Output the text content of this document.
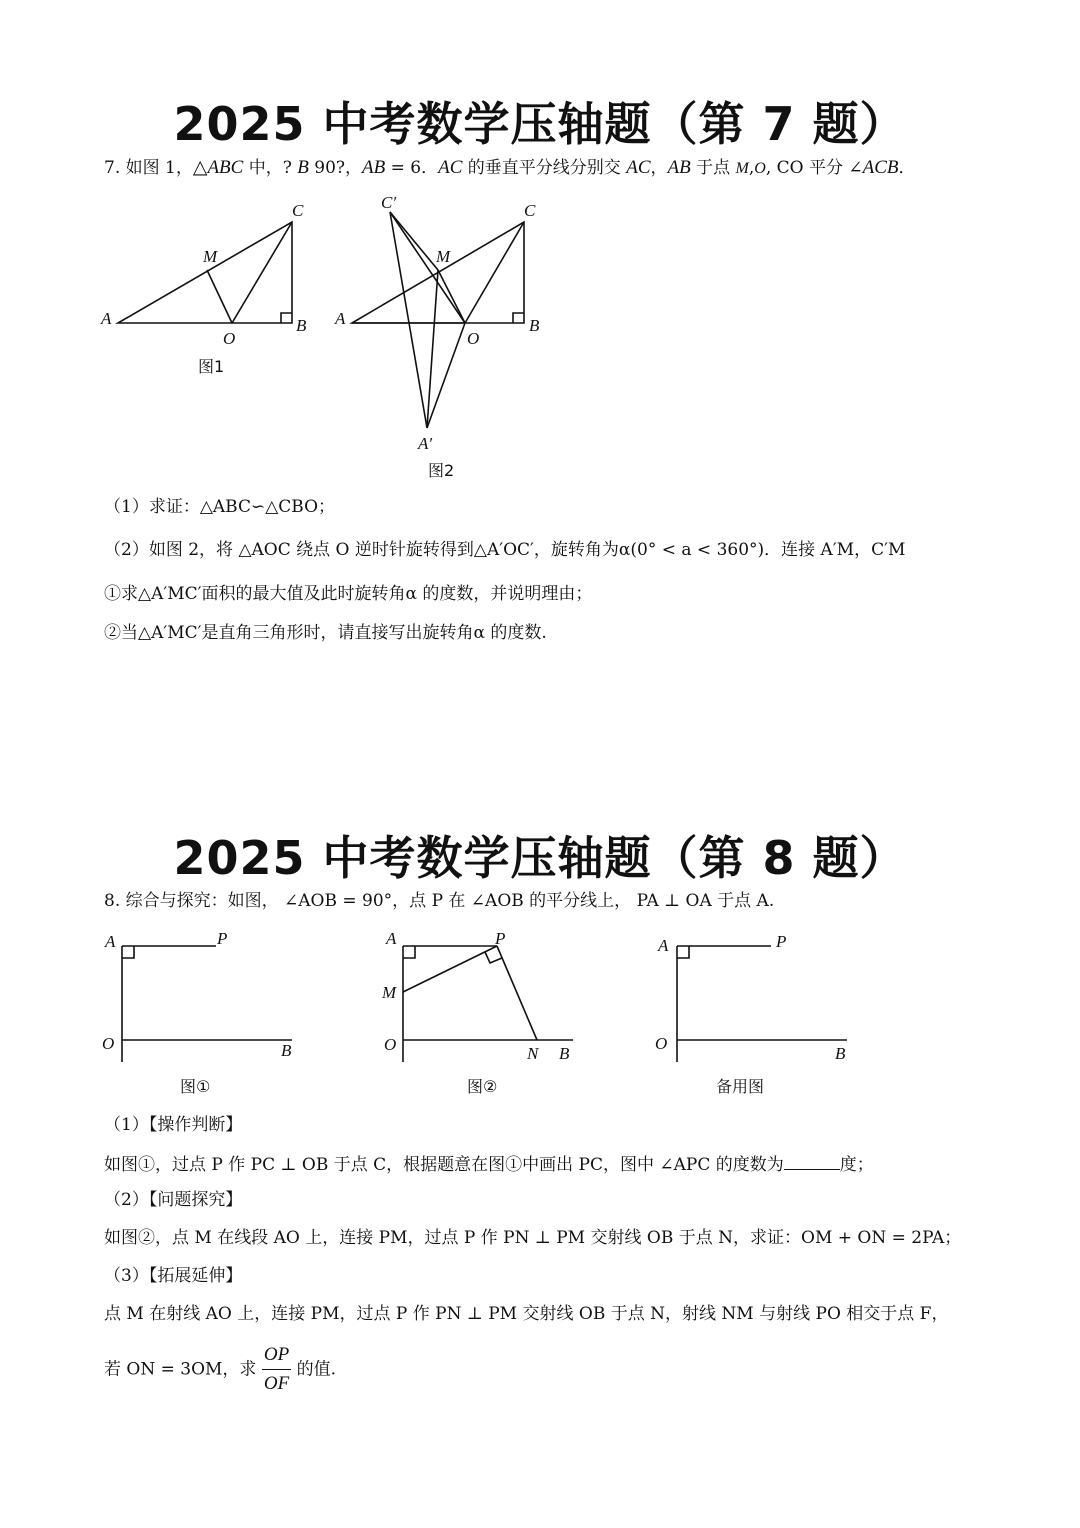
2025 中考数学压轴题（第 7 题）
7. 如图 1，△ABC 中，? B 90?，AB = 6．AC 的垂直平分线分别交 AC，AB 于点 M,O, CO 平分 ∠ACB．
A	B
C
M
O
图1
A	B
C
M
O
C′
A′
图2
（1）求证：△ABC∽△CBO；
（2）如图 2，将 △AOC 绕点 O 逆时针旋转得到△A′OC′，旋转角为α(0° < a < 360°)．连接 A′M，C′M
①求△A′MC′面积的最大值及此时旋转角α 的度数，并说明理由；
②当△A′MC′是直角三角形时，请直接写出旋转角α 的度数.
2025 中考数学压轴题（第 8 题）
8. 综合与探究：如图， ∠AOB = 90°，点 P 在 ∠AOB 的平分线上， PA ⊥ OA 于点 A.
A	P
O	B
图①
A	P
M
O	N B
图②
A	P
O
B
备用图
（1）【操作判断】
如图①，过点 P 作 PC ⊥ OB 于点 C，根据题意在图①中画出 PC，图中 ∠APC 的度数为	度；
（2）【问题探究】
如图②，点 M 在线段 AO 上，连接 PM，过点 P 作 PN ⊥ PM 交射线 OB 于点 N，求证：OM + ON = 2PA；
（3）【拓展延伸】
点 M 在射线 AO 上，连接 PM，过点 P 作 PN ⊥ PM 交射线 OB 于点 N，射线 NM 与射线 PO 相交于点 F，
若 ON = 3OM，求 $\frac{OP}{OF}$ 的值.
